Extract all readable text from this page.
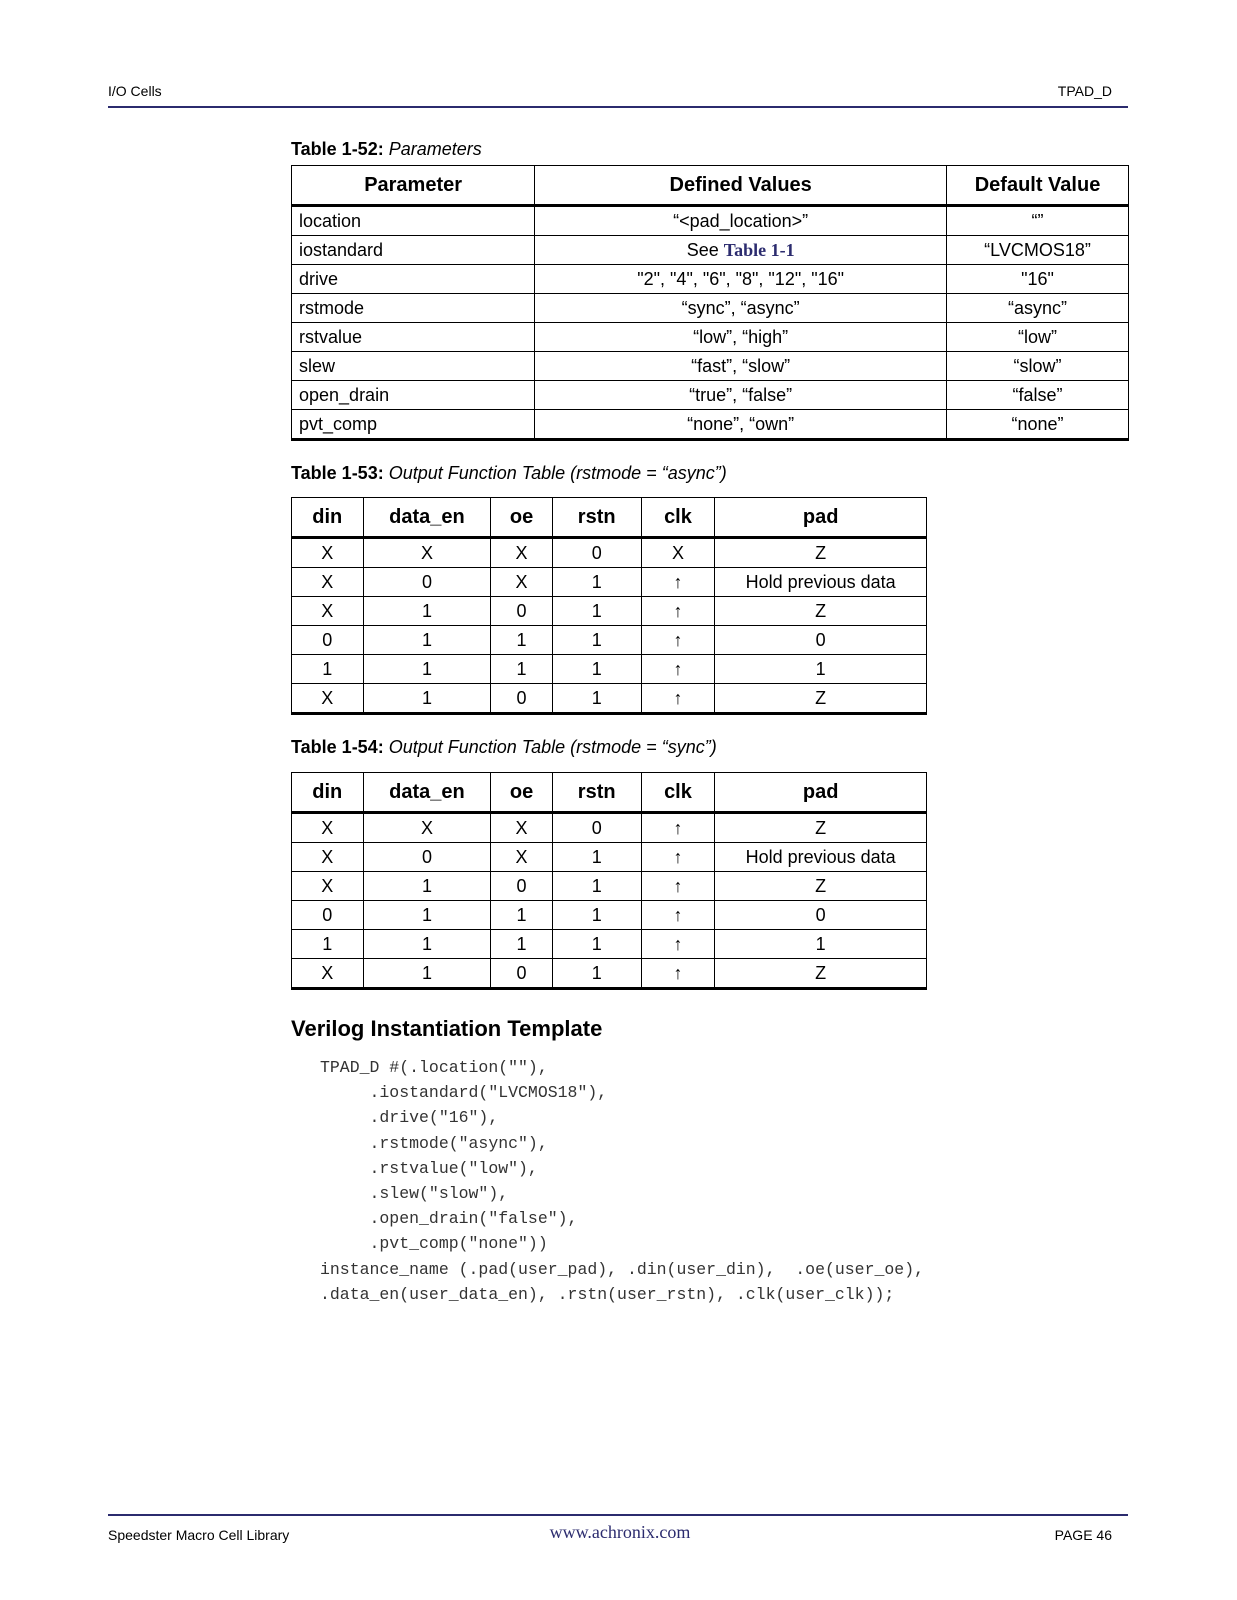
I/O Cells	TPAD_D
Table 1-52: Parameters
Parameter	Defined Values	Default Value
location	“<pad_location>”	“”
iostandard	See Table 1-1	“LVCMOS18”
drive	"2", "4", "6", "8", "12", "16"	"16"
rstmode	“sync”, “async”	“async”
rstvalue	“low”, “high”	“low”
slew	“fast”, “slow”	“slow”
open_drain	“true”, “false”	“false”
pvt_comp	“none”, “own”	“none”
Table 1-53: Output Function Table (rstmode = “async”)
din	data_en	oe	rstn	clk	pad
X	X	X	0	X	Z
X	0	X	1	↑	Hold previous data
X	1	0	1	↑	Z
0	1	1	1	↑	0
1	1	1	1	↑	1
X	1	0	1	↑	Z
Table 1-54: Output Function Table (rstmode = “sync”)
din	data_en	oe	rstn	clk	pad
X	X	X	0	↑	Z
X	0	X	1	↑	Hold previous data
X	1	0	1	↑	Z
0	1	1	1	↑	0
1	1	1	1	↑	1
X	1	0	1	↑	Z
Verilog Instantiation Template
TPAD_D #(.location(""),
.iostandard("LVCMOS18"),
.drive("16"),
.rstmode("async"),
.rstvalue("low"),
.slew("slow"),
.open_drain("false"),
.pvt_comp("none"))
instance_name (.pad(user_pad), .din(user_din),  .oe(user_oe),
.data_en(user_data_en), .rstn(user_rstn), .clk(user_clk));
Speedster Macro Cell Library	www.achronix.com	PAGE 46
